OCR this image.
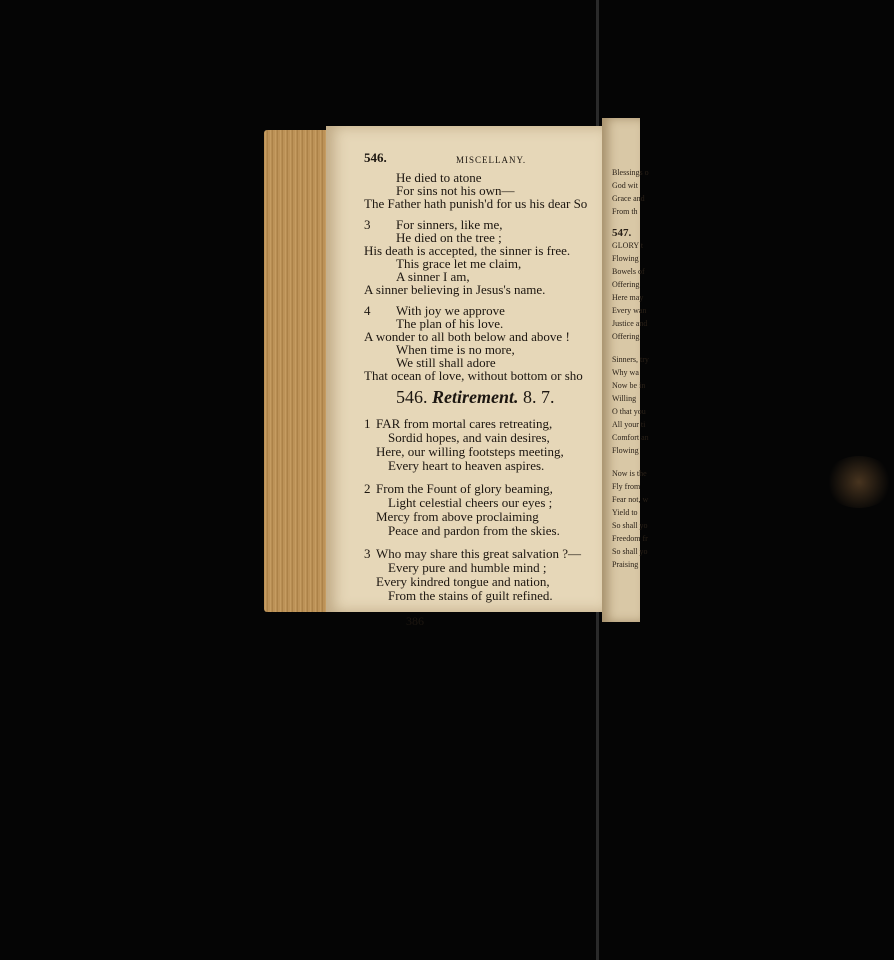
Blessings o
God wit
Grace and
From th
547.
GLORY t
Flowing
Bowels of
Offering
Here may
Every wan
Justice and
Offering
Sinners, try
Why wa
Now be in
Willing
O that you
All your ti
Comfort an
Flowing
Now is the
Fly from
Fear not, w
Yield to
So shall yo
Freedom fr
So shall yo
Praising
546.	MISCELLANY.
546. Retirement. 8. 7.
386
He died to atone
For sins not his own—
The Father hath punish'd for us his dear So
3 For sinners, like me,
He died on the tree ;
His death is accepted, the sinner is free.
This grace let me claim,
A sinner I am,
A sinner believing in Jesus's name.
4 With joy we approve
The plan of his love.
A wonder to all both below and above !
When time is no more,
We still shall adore
That ocean of love, without bottom or sho
1 FAR from mortal cares retreating,
Sordid hopes, and vain desires,
Here, our willing footsteps meeting,
Every heart to heaven aspires.
2 From the Fount of glory beaming,
Light celestial cheers our eyes ;
Mercy from above proclaiming
Peace and pardon from the skies.
3 Who may share this great salvation ?—
Every pure and humble mind ;
Every kindred tongue and nation,
From the stains of guilt refined.
